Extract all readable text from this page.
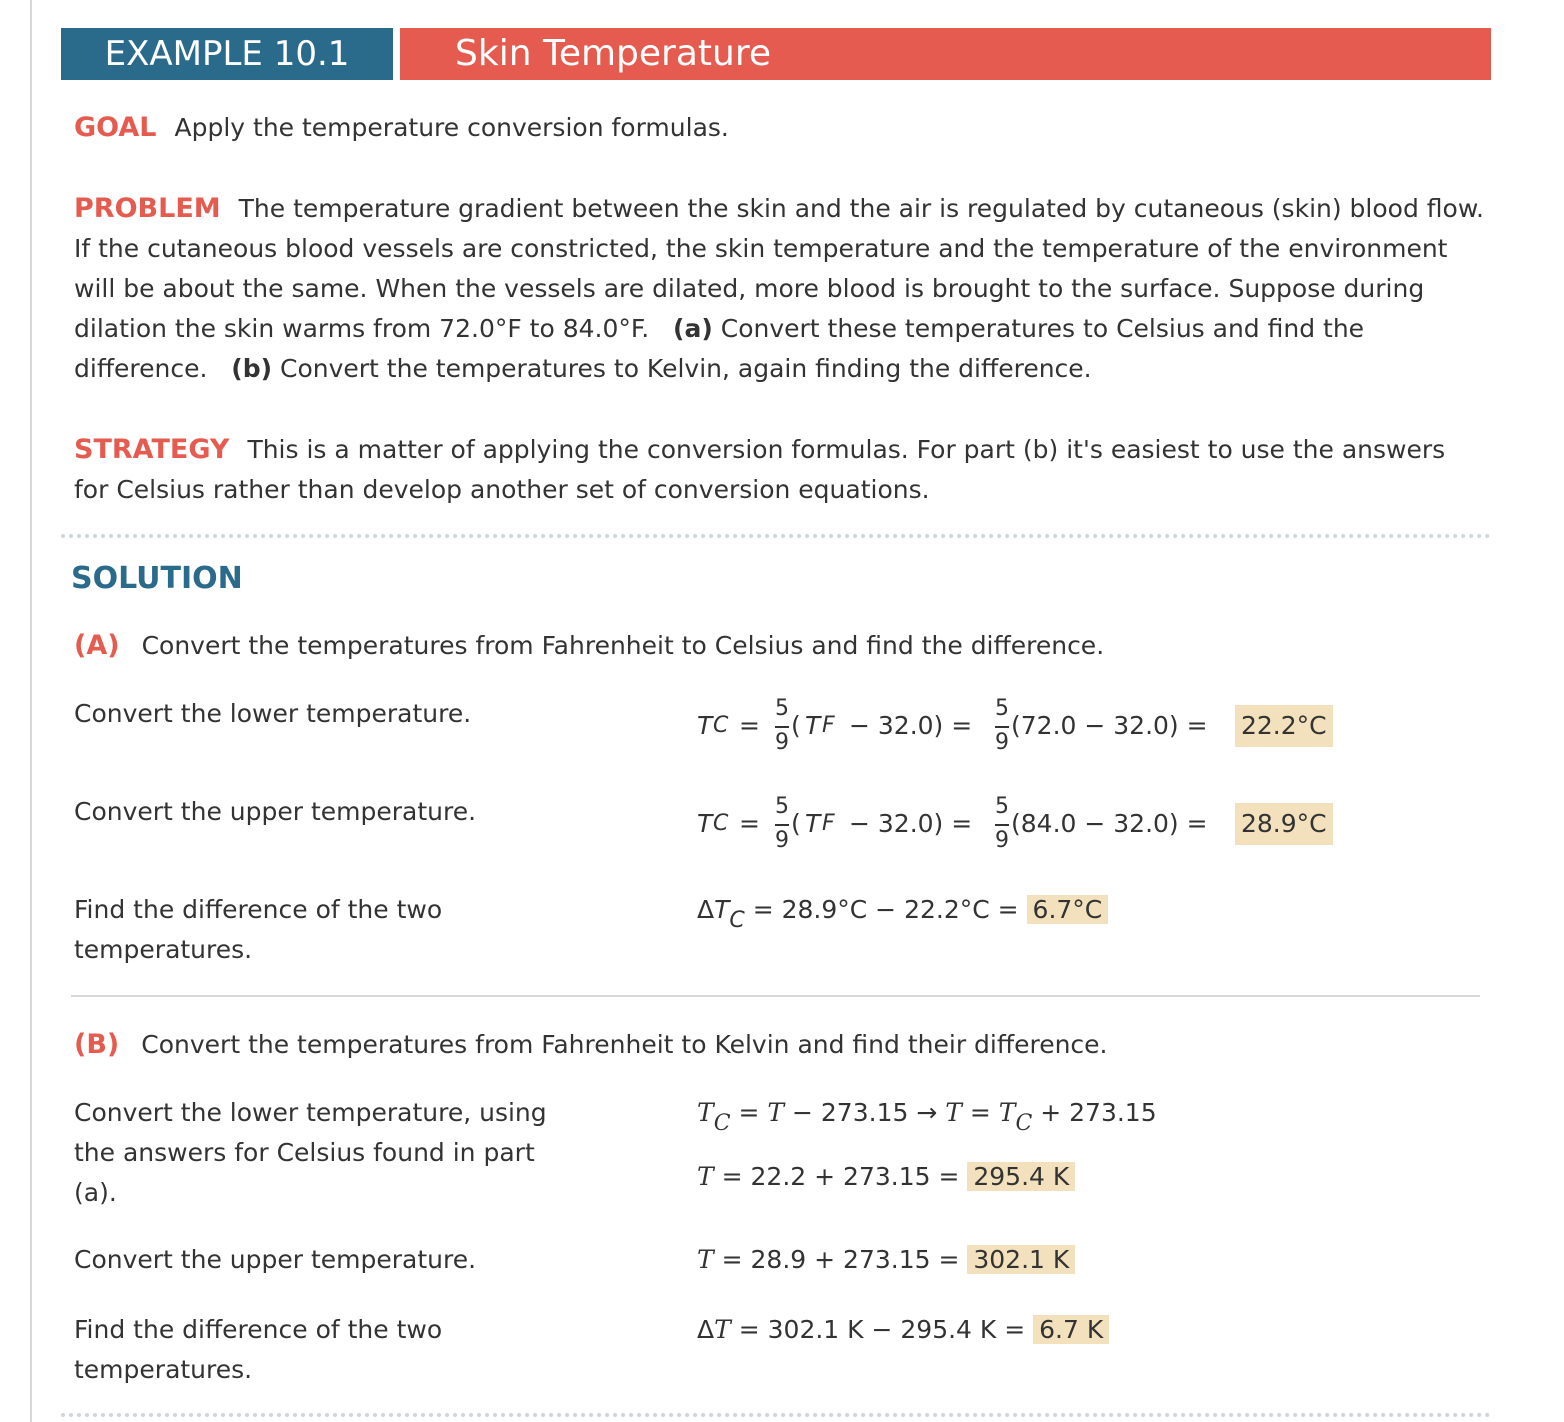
EXAMPLE 10.1	Skin Temperature

GOAL Apply the temperature conversion formulas.

PROBLEM The temperature gradient between the skin and the air is regulated by cutaneous (skin) blood flow. If the cutaneous blood vessels are constricted, the skin temperature and the temperature of the environment will be about the same. When the vessels are dilated, more blood is brought to the surface. Suppose during dilation the skin warms from 72.0°F to 84.0°F. (a) Convert these temperatures to Celsius and find the difference. (b) Convert the temperatures to Kelvin, again finding the difference.

STRATEGY This is a matter of applying the conversion formulas. For part (b) it's easiest to use the answers for Celsius rather than develop another set of conversion equations.

SOLUTION
(A) Convert the temperatures from Fahrenheit to Celsius and find the difference.
Convert the lower temperature.	T C =
5
9
( T F − 32.0) =
5
9
(72.0 − 32.0) = 22.2°C
Convert the upper temperature.	T C =
5
9
( T F − 32.0) =
5
9
(84.0 − 32.0) = 28.9°C
Find the difference of the two temperatures.
ΔTC = 28.9°C − 22.2°C = 6.7°C
(B) Convert the temperatures from Fahrenheit to Kelvin and find their difference.
Convert the lower temperature, using the answers for Celsius found in part (a).
TC = T − 273.15 → T = TC + 273.15
T = 22.2 + 273.15 = 295.4 K
Convert the upper temperature.	T = 28.9 + 273.15 = 302.1 K
Find the difference of the two temperatures.
ΔT = 302.1 K − 295.4 K = 6.7 K
